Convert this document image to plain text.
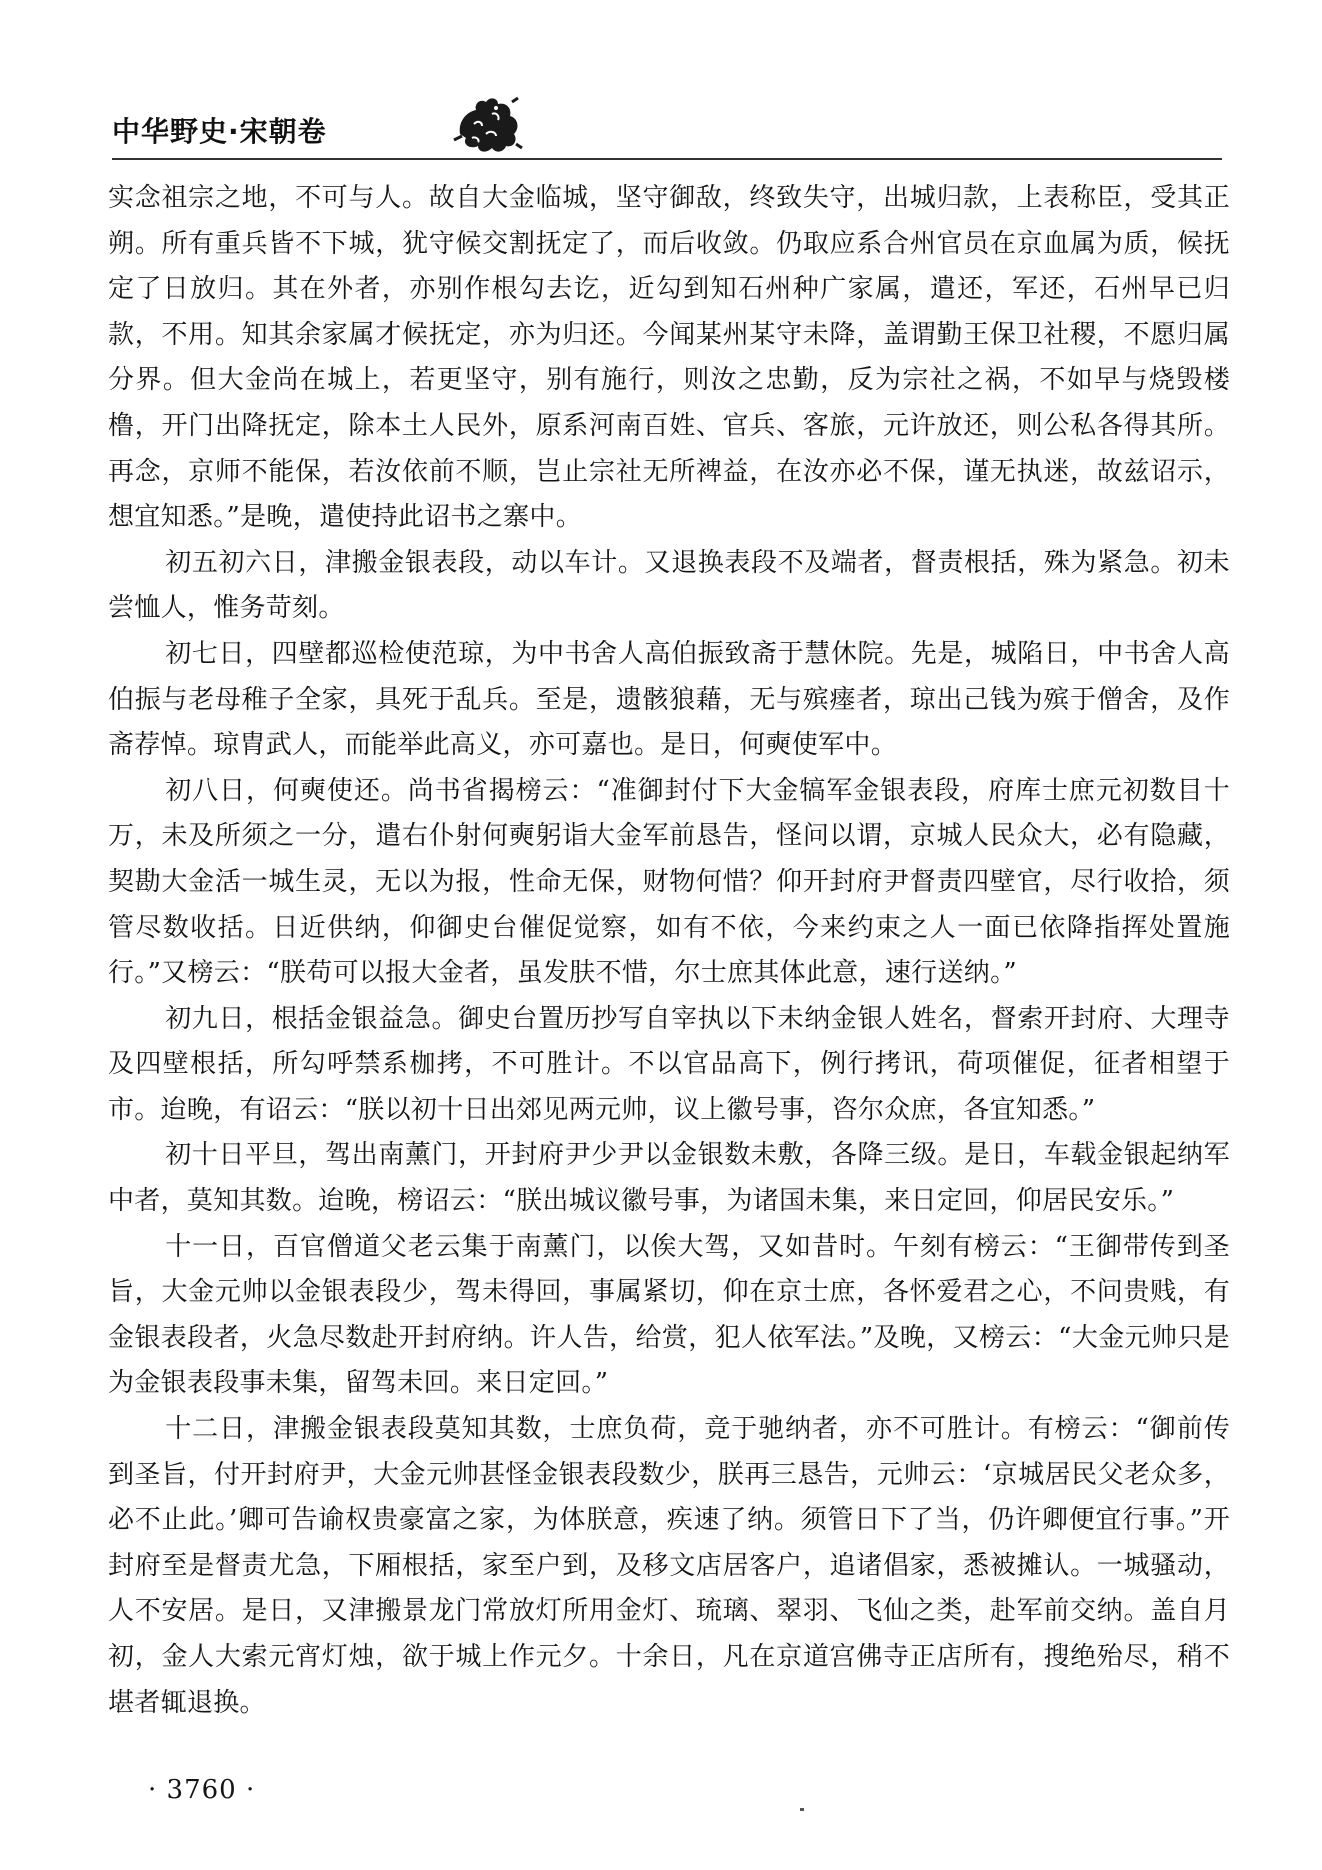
中华野史·宋朝卷

实念祖宗之地，不可与人。故自大金临城，坚守御敌，终致失守，出城归款，上表称臣，受其正朔。所有重兵皆不下城，犹守候交割抚定了，而后收敛。仍取应系合州官员在京血属为质，候抚定了日放归。其在外者，亦别作根勾去讫，近勾到知石州种广家属，遣还，军还，石州早已归款，不用。知其余家属才候抚定，亦为归还。今闻某州某守未降，盖谓勤王保卫社稷，不愿归属分界。但大金尚在城上，若更坚守，别有施行，则汝之忠勤，反为宗社之祸，不如早与烧毁楼橹，开门出降抚定，除本土人民外，原系河南百姓、官兵、客旅，元许放还，则公私各得其所。再念，京师不能保，若汝依前不顺，岂止宗社无所裨益，在汝亦必不保，谨无执迷，故兹诏示，想宜知悉。”是晚，遣使持此诏书之寨中。

初五初六日，津搬金银表段，动以车计。又退换表段不及端者，督责根括，殊为紧急。初未尝恤人，惟务苛刻。

初七日，四壁都巡检使范琼，为中书舍人高伯振致斋于慧休院。先是，城陷日，中书舍人高伯振与老母稚子全家，具死于乱兵。至是，遗骸狼藉，无与殡瘗者，琼出己钱为殡于僧舍，及作斋荐悼。琼胄武人，而能举此高义，亦可嘉也。是日，何奭使军中。

初八日，何奭使还。尚书省揭榜云：“准御封付下大金犒军金银表段，府库士庶元初数目十万，未及所须之一分，遣右仆射何奭躬诣大金军前恳告，怪问以谓，京城人民众大，必有隐藏，契勘大金活一城生灵，无以为报，性命无保，财物何惜？仰开封府尹督责四壁官，尽行收拾，须管尽数收括。日近供纳，仰御史台催促觉察，如有不依，今来约束之人一面已依降指挥处置施行。”又榜云：“朕苟可以报大金者，虽发肤不惜，尔士庶其体此意，速行送纳。”

初九日，根括金银益急。御史台置历抄写自宰执以下未纳金银人姓名，督索开封府、大理寺及四壁根括，所勾呼禁系枷拷，不可胜计。不以官品高下，例行拷讯，荷项催促，征者相望于市。迨晚，有诏云：“朕以初十日出郊见两元帅，议上徽号事，咨尔众庶，各宜知悉。”

初十日平旦，驾出南薰门，开封府尹少尹以金银数未敷，各降三级。是日，车载金银起纳军中者，莫知其数。迨晚，榜诏云：“朕出城议徽号事，为诸国未集，来日定回，仰居民安乐。”

十一日，百官僧道父老云集于南薰门，以俟大驾，又如昔时。午刻有榜云：“王御带传到圣旨，大金元帅以金银表段少，驾未得回，事属紧切，仰在京士庶，各怀爱君之心，不问贵贱，有金银表段者，火急尽数赴开封府纳。许人告，给赏，犯人依军法。”及晚，又榜云：“大金元帅只是为金银表段事未集，留驾未回。来日定回。”

十二日，津搬金银表段莫知其数，士庶负荷，竞于驰纳者，亦不可胜计。有榜云：“御前传到圣旨，付开封府尹，大金元帅甚怪金银表段数少，朕再三恳告，元帅云：‘京城居民父老众多，必不止此。’卿可告谕权贵豪富之家，为体朕意，疾速了纳。须管日下了当，仍许卿便宜行事。”开封府至是督责尤急，下厢根括，家至户到，及移文店居客户，追诸倡家，悉被摊认。一城骚动，人不安居。是日，又津搬景龙门常放灯所用金灯、琉璃、翠羽、飞仙之类，赴军前交纳。盖自月初，金人大索元宵灯烛，欲于城上作元夕。十余日，凡在京道宫佛寺正店所有，搜绝殆尽，稍不堪者辄退换。

· 3760 ·
